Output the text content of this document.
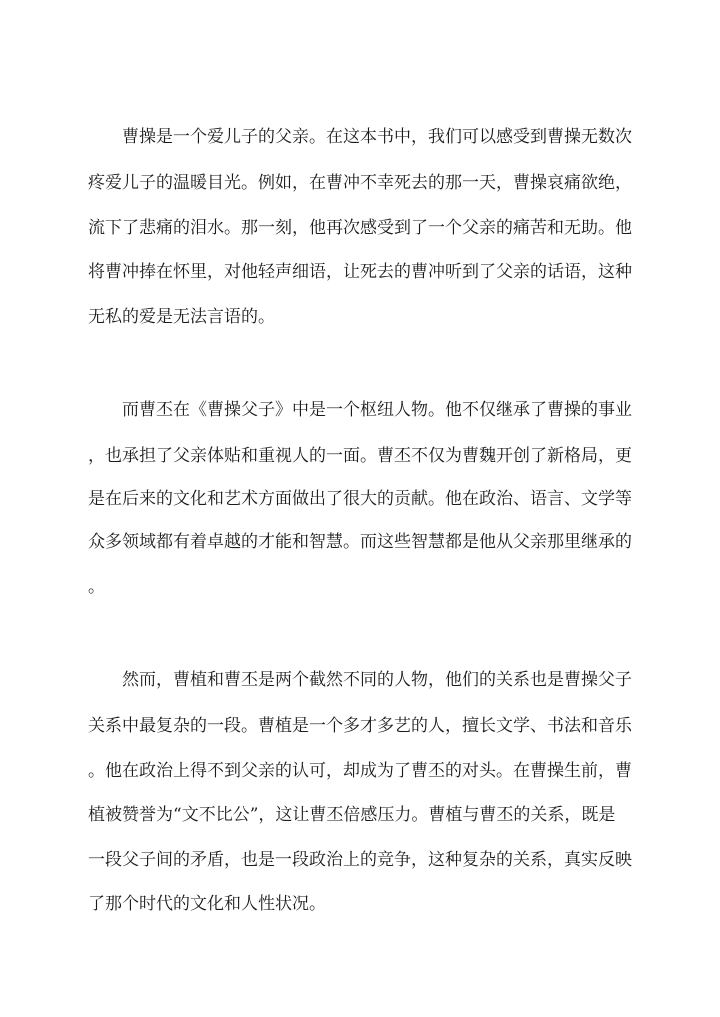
　　曹操是一个爱儿子的父亲。在这本书中，我们可以感受到曹操无数次
疼爱儿子的温暖目光。例如，在曹冲不幸死去的那一天，曹操哀痛欲绝，
流下了悲痛的泪水。那一刻，他再次感受到了一个父亲的痛苦和无助。他
将曹冲捧在怀里，对他轻声细语，让死去的曹冲听到了父亲的话语，这种
无私的爱是无法言语的。
　　而曹丕在《曹操父子》中是一个枢纽人物。他不仅继承了曹操的事业
，也承担了父亲体贴和重视人的一面。曹丕不仅为曹魏开创了新格局，更
是在后来的文化和艺术方面做出了很大的贡献。他在政治、语言、文学等
众多领域都有着卓越的才能和智慧。而这些智慧都是他从父亲那里继承的
。
　　然而，曹植和曹丕是两个截然不同的人物，他们的关系也是曹操父子
关系中最复杂的一段。曹植是一个多才多艺的人，擅长文学、书法和音乐
。他在政治上得不到父亲的认可，却成为了曹丕的对头。在曹操生前，曹
植被赞誉为“文不比公”，这让曹丕倍感压力。曹植与曹丕的关系，既是
一段父子间的矛盾，也是一段政治上的竞争，这种复杂的关系，真实反映
了那个时代的文化和人性状况。
